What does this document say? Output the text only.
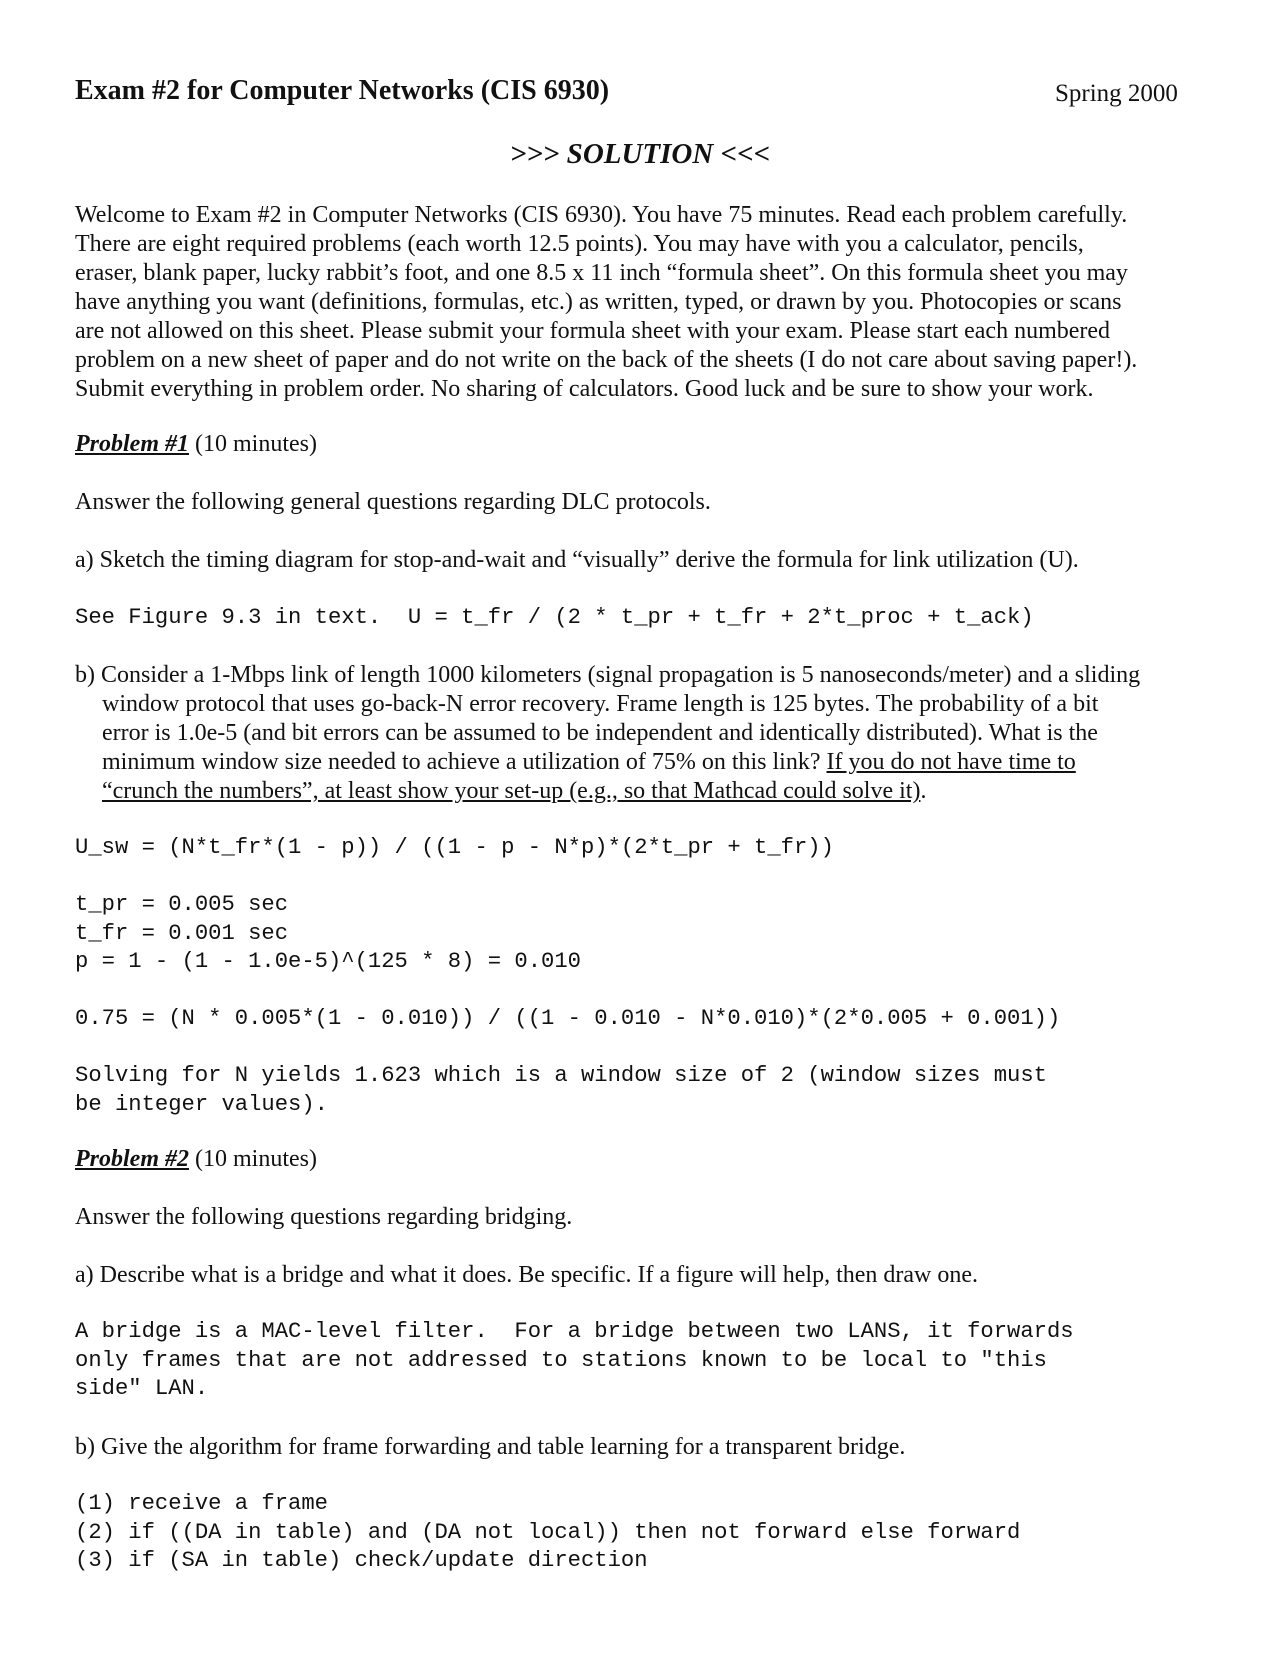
Exam #2 for Computer Networks (CIS 6930)	Spring 2000
>>> SOLUTION <<<
Welcome to Exam #2 in Computer Networks (CIS 6930). You have 75 minutes. Read each problem carefully.
There are eight required problems (each worth 12.5 points). You may have with you a calculator, pencils,
eraser, blank paper, lucky rabbit’s foot, and one 8.5 x 11 inch “formula sheet”. On this formula sheet you may
have anything you want (definitions, formulas, etc.) as written, typed, or drawn by you. Photocopies or scans
are not allowed on this sheet. Please submit your formula sheet with your exam. Please start each numbered
problem on a new sheet of paper and do not write on the back of the sheets (I do not care about saving paper!).
Submit everything in problem order. No sharing of calculators. Good luck and be sure to show your work.
Problem #1 (10 minutes)
Answer the following general questions regarding DLC protocols.
a) Sketch the timing diagram for stop-and-wait and “visually” derive the formula for link utilization (U).
See Figure 9.3 in text.  U = t_fr / (2 * t_pr + t_fr + 2*t_proc + t_ack)
b) Consider a 1-Mbps link of length 1000 kilometers (signal propagation is 5 nanoseconds/meter) and a sliding
window protocol that uses go-back-N error recovery. Frame length is 125 bytes. The probability of a bit
error is 1.0e-5 (and bit errors can be assumed to be independent and identically distributed). What is the
minimum window size needed to achieve a utilization of 75% on this link? If you do not have time to
“crunch the numbers”, at least show your set-up (e.g., so that Mathcad could solve it).
U_sw = (N*t_fr*(1 - p)) / ((1 - p - N*p)*(2*t_pr + t_fr))
t_pr = 0.005 sec
t_fr = 0.001 sec
p = 1 - (1 - 1.0e-5)^(125 * 8) = 0.010
0.75 = (N * 0.005*(1 - 0.010)) / ((1 - 0.010 - N*0.010)*(2*0.005 + 0.001))
Solving for N yields 1.623 which is a window size of 2 (window sizes must
be integer values).
Problem #2 (10 minutes)
Answer the following questions regarding bridging.
a) Describe what is a bridge and what it does. Be specific. If a figure will help, then draw one.
A bridge is a MAC-level filter.  For a bridge between two LANS, it forwards
only frames that are not addressed to stations known to be local to "this
side" LAN.
b) Give the algorithm for frame forwarding and table learning for a transparent bridge.
(1) receive a frame
(2) if ((DA in table) and (DA not local)) then not forward else forward
(3) if (SA in table) check/update direction
